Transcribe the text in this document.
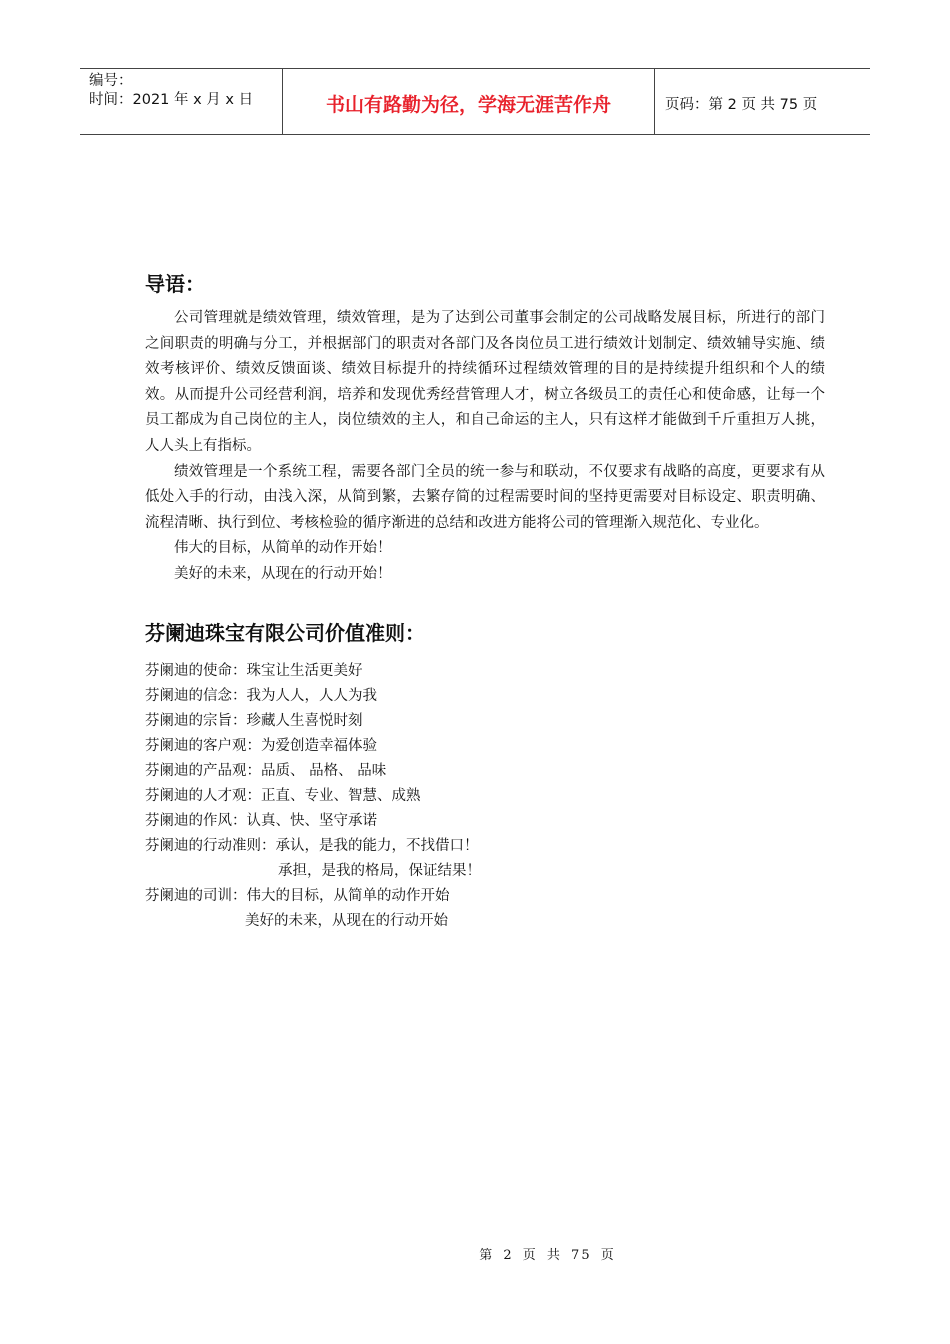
编号：
时间：2021 年 x 月 x 日	书山有路勤为径，学海无涯苦作舟	页码：第 2 页 共 75 页
导语：

公司管理就是绩效管理，绩效管理，是为了达到公司董事会制定的公司战略发展目标，所进行的部门之间职责的明确与分工，并根据部门的职责对各部门及各岗位员工进行绩效计划制定、绩效辅导实施、绩效考核评价、绩效反馈面谈、绩效目标提升的持续循环过程绩效管理的目的是持续提升组织和个人的绩效。从而提升公司经营利润，培养和发现优秀经营管理人才，树立各级员工的责任心和使命感，让每一个员工都成为自己岗位的主人，岗位绩效的主人，和自己命运的主人，只有这样才能做到千斤重担万人挑，人人头上有指标。

绩效管理是一个系统工程，需要各部门全员的统一参与和联动，不仅要求有战略的高度，更要求有从低处入手的行动，由浅入深，从简到繁，去繁存简的过程需要时间的坚持更需要对目标设定、职责明确、流程清晰、执行到位、考核检验的循序渐进的总结和改进方能将公司的管理渐入规范化、专业化。

伟大的目标，从简单的动作开始！

美好的未来，从现在的行动开始！

芬阑迪珠宝有限公司价值准则：
芬阑迪的使命：珠宝让生活更美好
芬阑迪的信念：我为人人，人人为我
芬阑迪的宗旨：珍藏人生喜悦时刻
芬阑迪的客户观：为爱创造幸福体验
芬阑迪的产品观：品质、 品格、 品味
芬阑迪的人才观：正直、专业、智慧、成熟
芬阑迪的作风：认真、快、坚守承诺
芬阑迪的行动准则：承认，是我的能力，不找借口！
承担，是我的格局，保证结果！
芬阑迪的司训：伟大的目标，从简单的动作开始
美好的未来，从现在的行动开始
第 2 页 共 75 页
